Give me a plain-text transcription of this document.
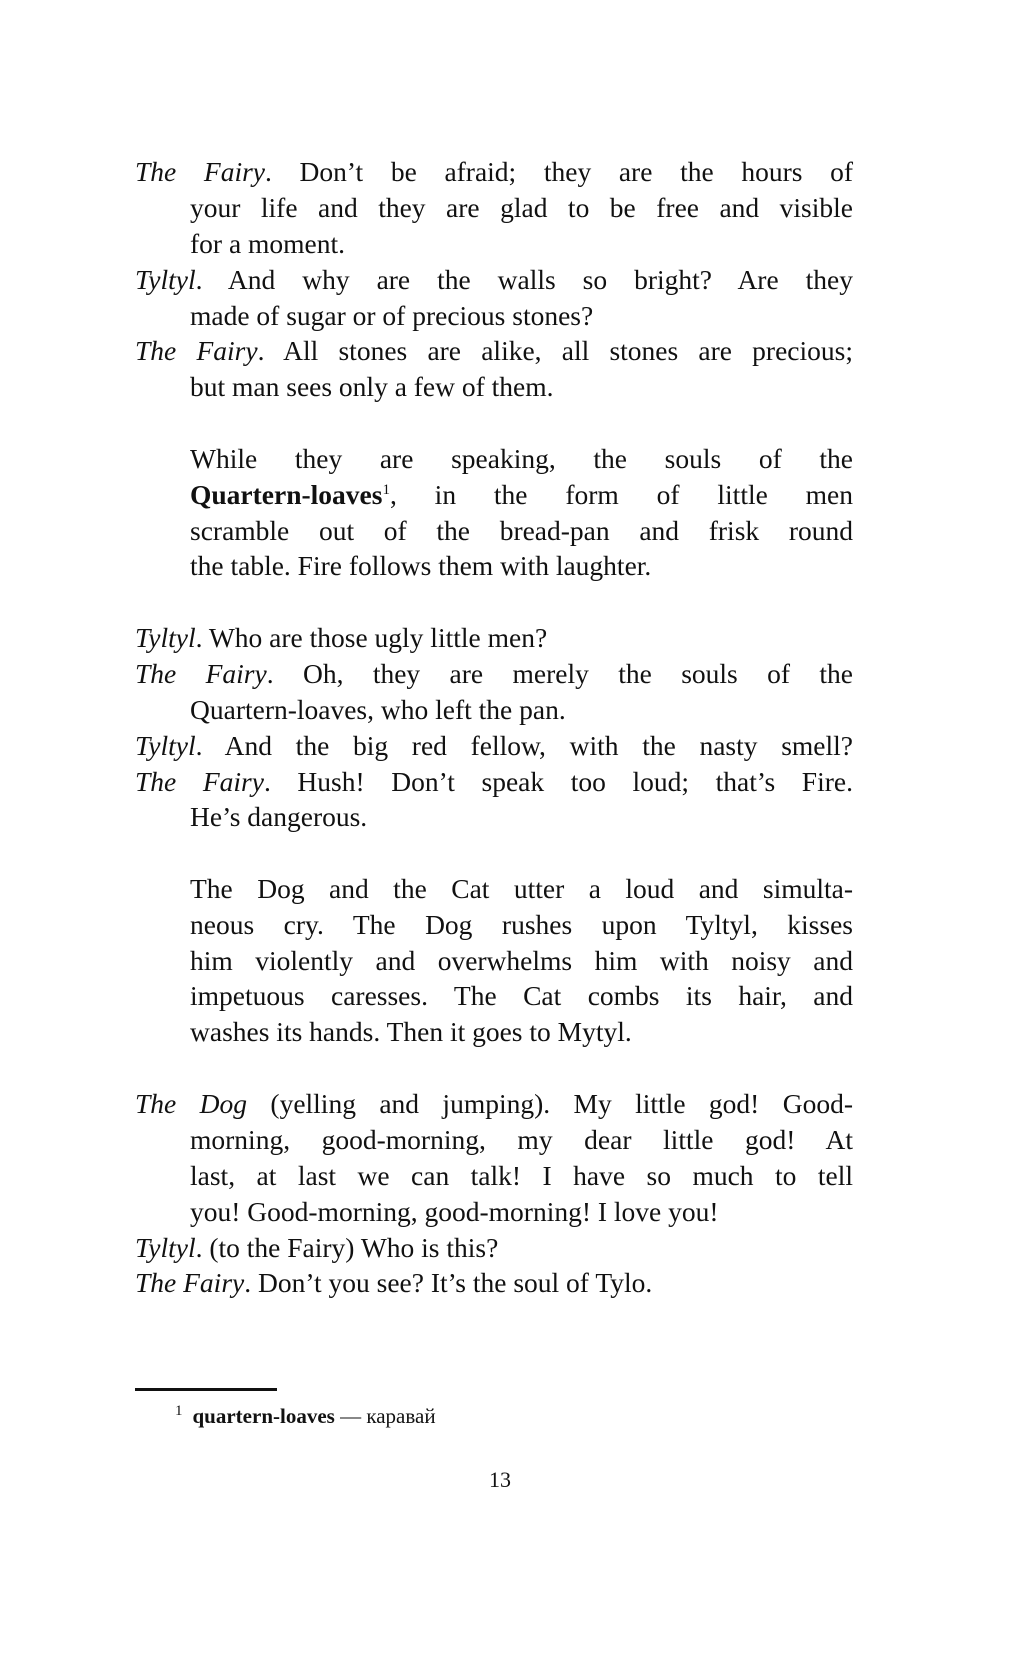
The Fairy. Don’t be afraid; they are the hours of
your life and they are glad to be free and visible
for a moment.
Tyltyl. And why are the walls so bright? Are they
made of sugar or of precious stones?
The Fairy. All stones are alike, all stones are precious;
but man sees only a few of them.
While they are speaking, the souls of the
Quartern-loaves$^1$, in the form of little men
scramble out of the bread-pan and frisk round
the table. Fire follows them with laughter.
Tyltyl. Who are those ugly little men?
The Fairy. Oh, they are merely the souls of the
Quartern-loaves, who left the pan.
Tyltyl. And the big red fellow, with the nasty smell?
The Fairy. Hush! Don’t speak too loud; that’s Fire.
He’s dangerous.
The Dog and the Cat utter a loud and simulta-
neous cry. The Dog rushes upon Tyltyl, kisses
him violently and overwhelms him with noisy and
impetuous caresses. The Cat combs its hair, and
washes its hands. Then it goes to Mytyl.
The Dog (yelling and jumping). My little god! Good-
morning, good-morning, my dear little god! At
last, at last we can talk! I have so much to tell
you! Good-morning, good-morning! I love you!
Tyltyl. (to the Fairy) Who is this?
The Fairy. Don’t you see? It’s the soul of Tylo.
$^1$ quartern-loaves — каравай
13
